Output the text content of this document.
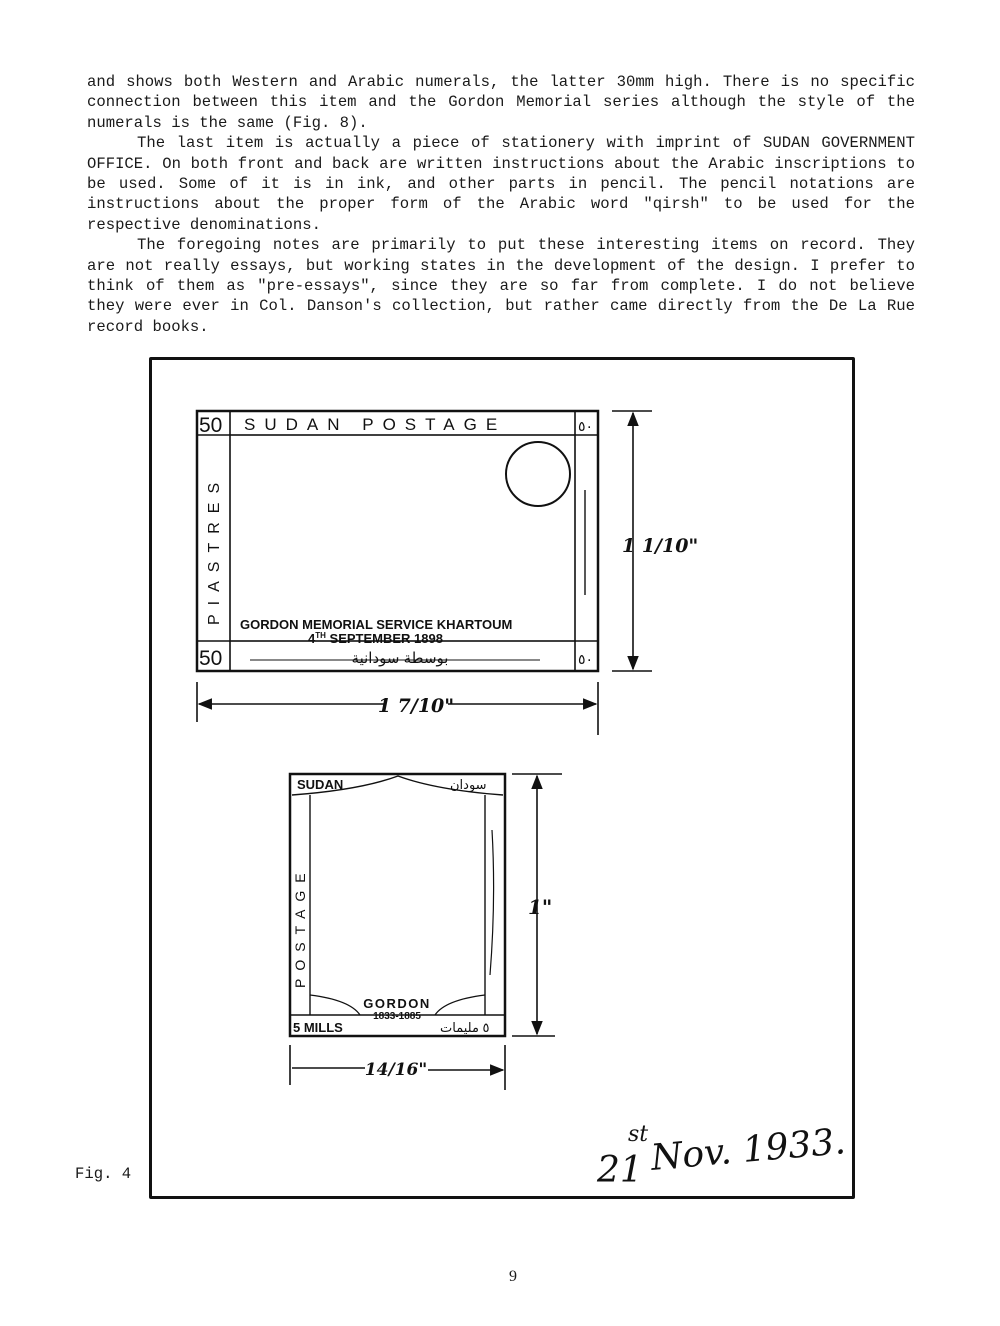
and shows both Western and Arabic numerals, the latter 30mm high. There is no specific connection between this item and the Gordon Memorial series although the style of the numerals is the same (Fig. 8).

The last item is actually a piece of stationery with imprint of SUDAN GOVERNMENT OFFICE. On both front and back are written instructions about the Arabic inscriptions to be used. Some of it is in ink, and other parts in pencil. The pencil notations are instructions about the proper form of the Arabic word "qirsh" to be used for the respective denominations.

The foregoing notes are primarily to put these interesting items on record. They are not really essays, but working states in the development of the design. I prefer to think of them as "pre-essays", since they are so far from complete. I do not believe they were ever in Col. Danson's collection, but rather came directly from the De La Rue record books.

50
50
٥٠
٥٠
SUDAN POSTAGE
PIASTRES GORDON MEMORIAL SERVICE KHARTOUM
4TH SEPTEMBER 1898
بوسطة سودانية
1 1/10"
1 7/10"
SUDAN	سودان
POSTAGE
GORDON
1833-1885
5 MILLS	٥ مليمات
1"
14/16"
21
st Nov. 1933.
Fig. 4
9
